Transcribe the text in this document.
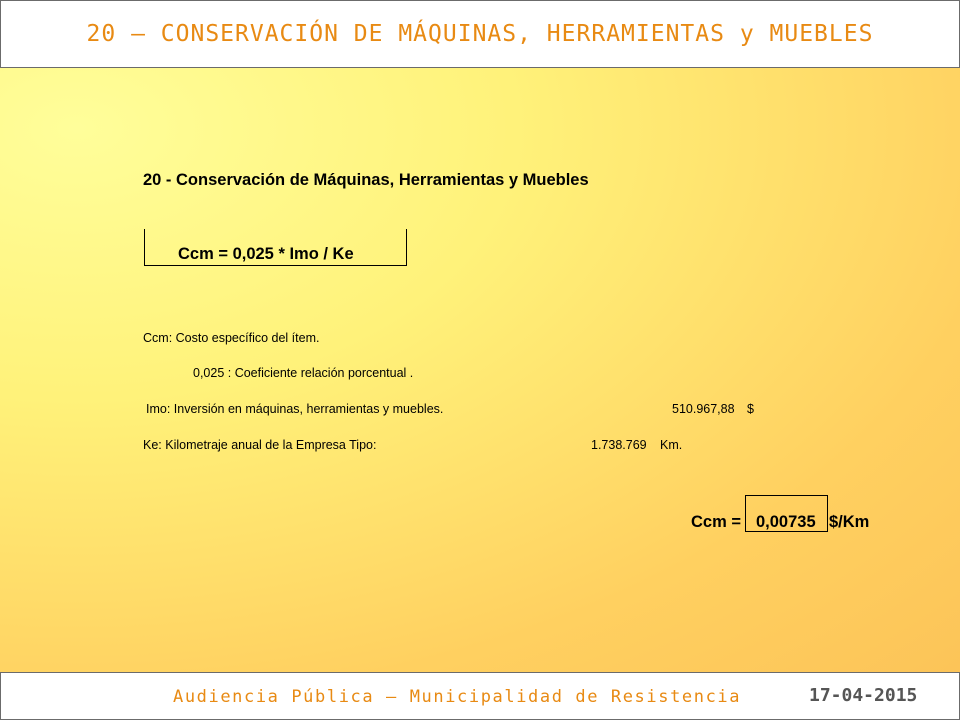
20 – CONSERVACIÓN DE MÁQUINAS, HERRAMIENTAS y MUEBLES
20 - Conservación de Máquinas, Herramientas y Muebles
Ccm = 0,025 * Imo / Ke
Ccm: Costo específico del ítem.
0,025 : Coeficiente relación porcentual .
Imo: Inversión en máquinas, herramientas y muebles.	510.967,88 $
Ke: Kilometraje anual de la Empresa Tipo:	1.738.769 Km.
Ccm = 0,00735 $/Km
Audiencia Pública – Municipalidad de Resistencia	17-04-2015
